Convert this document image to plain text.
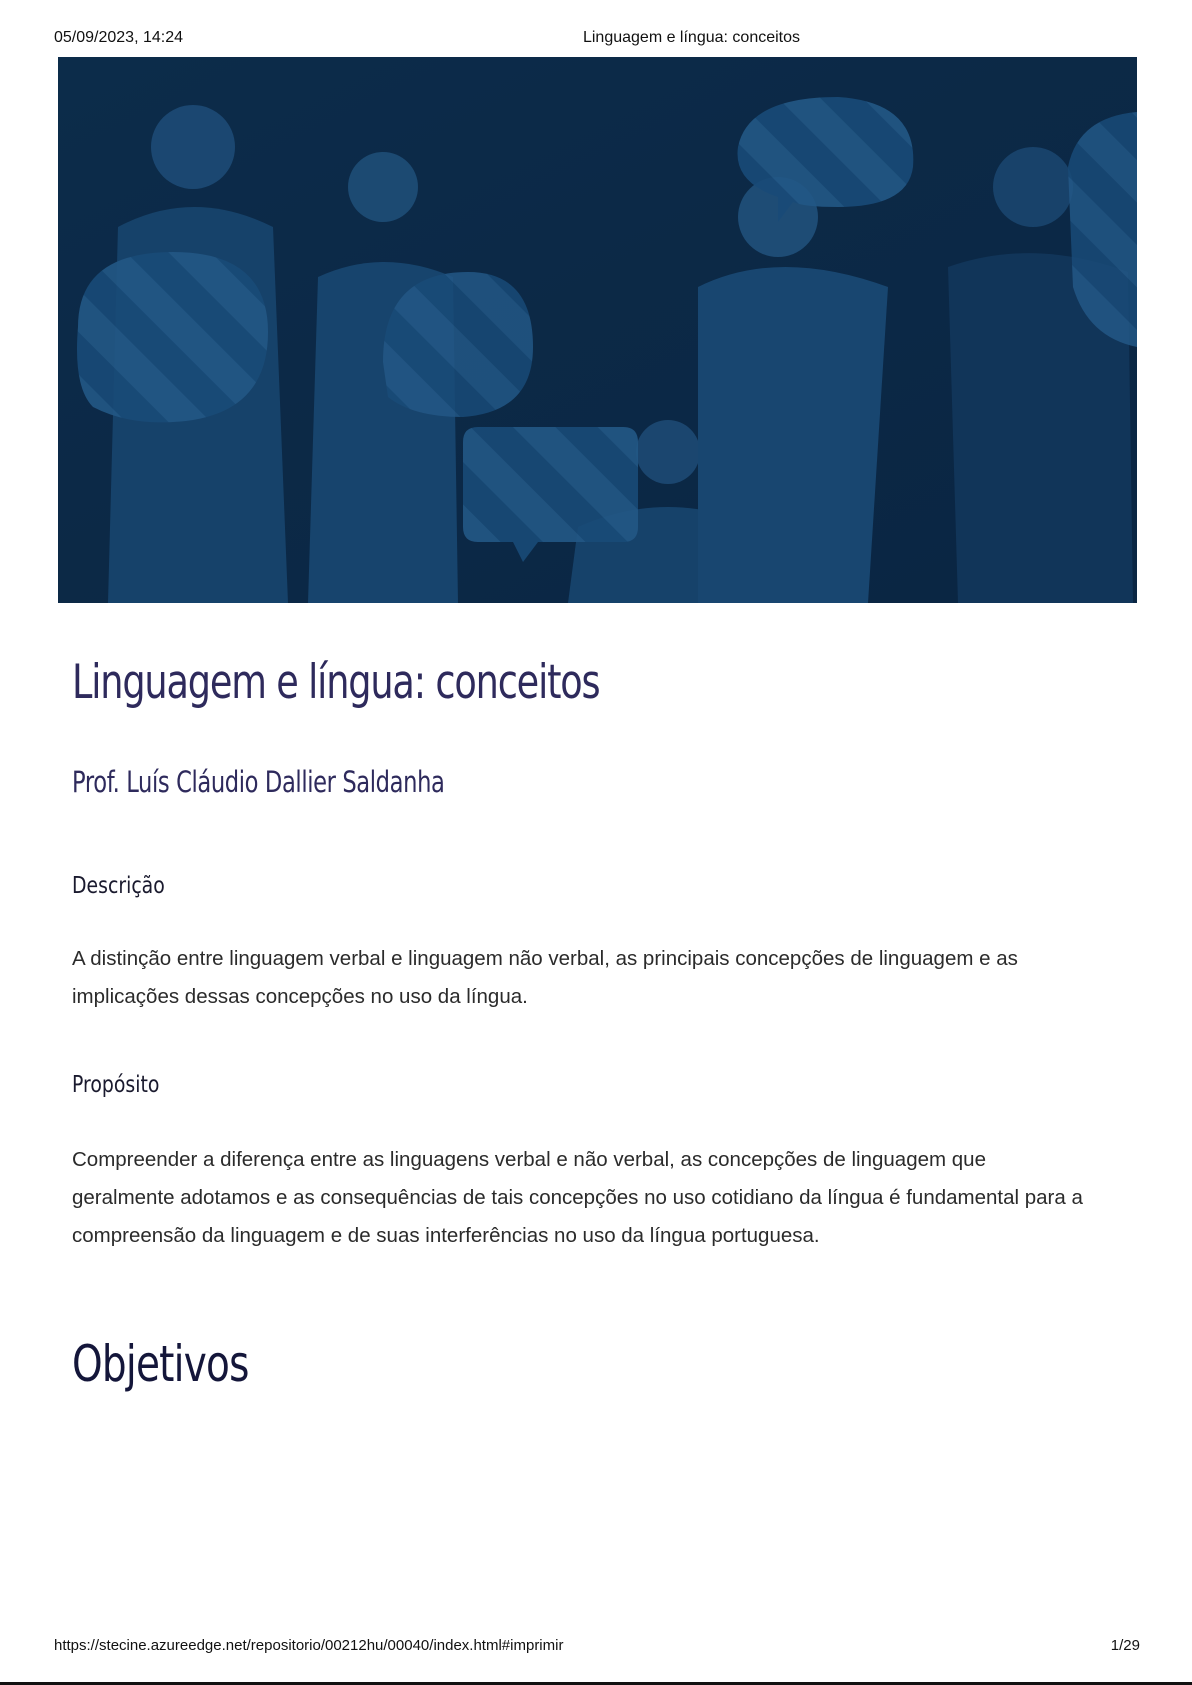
05/09/2023, 14:24	Linguagem e língua: conceitos
Linguagem e língua: conceitos
Prof. Luís Cláudio Dallier Saldanha
Descrição

A distinção entre linguagem verbal e linguagem não verbal, as principais concepções de linguagem e as implicações dessas concepções no uso da língua.

Propósito

Compreender a diferença entre as linguagens verbal e não verbal, as concepções de linguagem que geralmente adotamos e as consequências de tais concepções no uso cotidiano da língua é fundamental para a compreensão da linguagem e de suas interferências no uso da língua portuguesa.

Objetivos
https://stecine.azureedge.net/repositorio/00212hu/00040/index.html#imprimir	1/29
